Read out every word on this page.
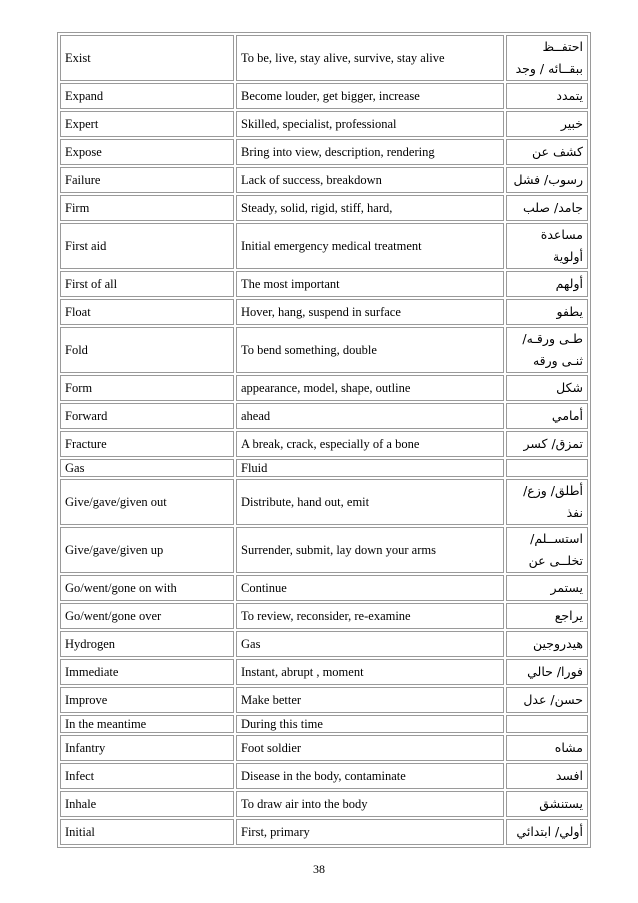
Exist	To be, live, stay alive, survive, stay alive	احتفــظ ببقــائه / وجد
Expand	Become louder, get bigger, increase	يتمدد
Expert	Skilled, specialist, professional	خبير
Expose	Bring into view, description, rendering	كشف عن
Failure	Lack of success, breakdown	رسوب/ فشل
Firm	Steady, solid, rigid, stiff, hard,	جامد/ صلب
First aid	Initial emergency medical treatment	مساعدة أولوية
First of all	The most important	أولهم
Float	Hover, hang, suspend in surface	يطفو
Fold	To bend something, double	طـى ورقـه/ ثنـى ورقه
Form	appearance, model, shape, outline	شكل
Forward	ahead	أمامي
Fracture	A break, crack, especially of a bone	تمزق/ كسر
Gas	Fluid	
Give/gave/given out	Distribute, hand out, emit	أطلق/ وزع/ نفذ
Give/gave/given up	Surrender, submit, lay down your arms	استســلم/ تخلــى عن
Go/went/gone on with	Continue	يستمر
Go/went/gone over	To review, reconsider, re-examine	يراجع
Hydrogen	Gas	هيدروجين
Immediate	Instant, abrupt , moment	فورا/ حالي
Improve	Make better	حسن/ عدل
In the meantime	During this time	
Infantry	Foot soldier	مشاه
Infect	Disease in the body, contaminate	افسد
Inhale	To draw air into the body	يستنشق
Initial	First, primary	أولي/ ابتدائي
38
